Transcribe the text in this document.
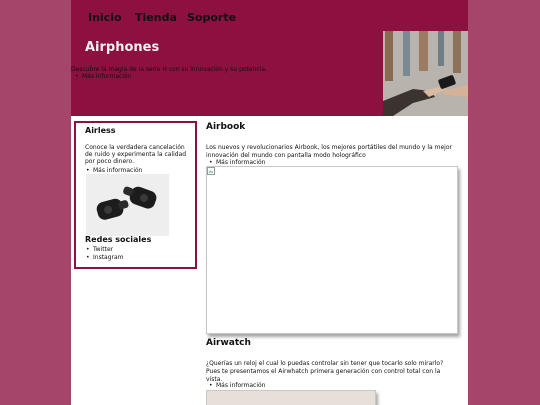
Inicio Tienda Soporte
Airphones
Descubre la magia de la serie H con su innovación y su potencia.
• Más información
Airless

Conoce la verdadera cancelación de ruido y experimenta la calidad por poco dinero.

• Más información
Redes sociales
• Twitter
• Instagram
Airbook

Los nuevos y revolucionarios Airbook, los mejores portátiles del mundo y la mejor innovación del mundo con pantalla modo holográfico

• Más información
Airwatch

¿Querías un reloj el cual lo puedas controlar sin tener que tocarlo solo mirarlo? Pues te presentamos el Airwhatch primera generación con control total con la vista.

• Más información
